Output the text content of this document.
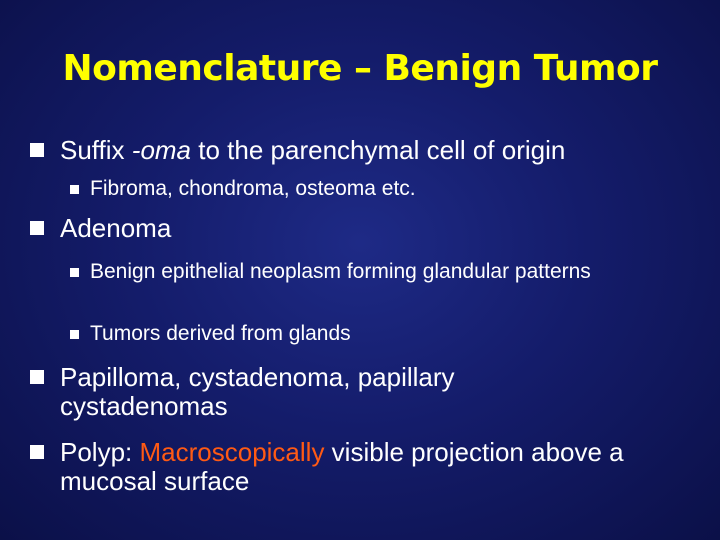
Nomenclature – Benign Tumor
Suffix -oma to the parenchymal cell of origin
Fibroma, chondroma, osteoma etc.
Adenoma
Benign epithelial neoplasm forming glandular patterns
Tumors derived from glands
Papilloma, cystadenoma, papillary cystadenomas
Polyp: Macroscopically visible projection above a mucosal surface
